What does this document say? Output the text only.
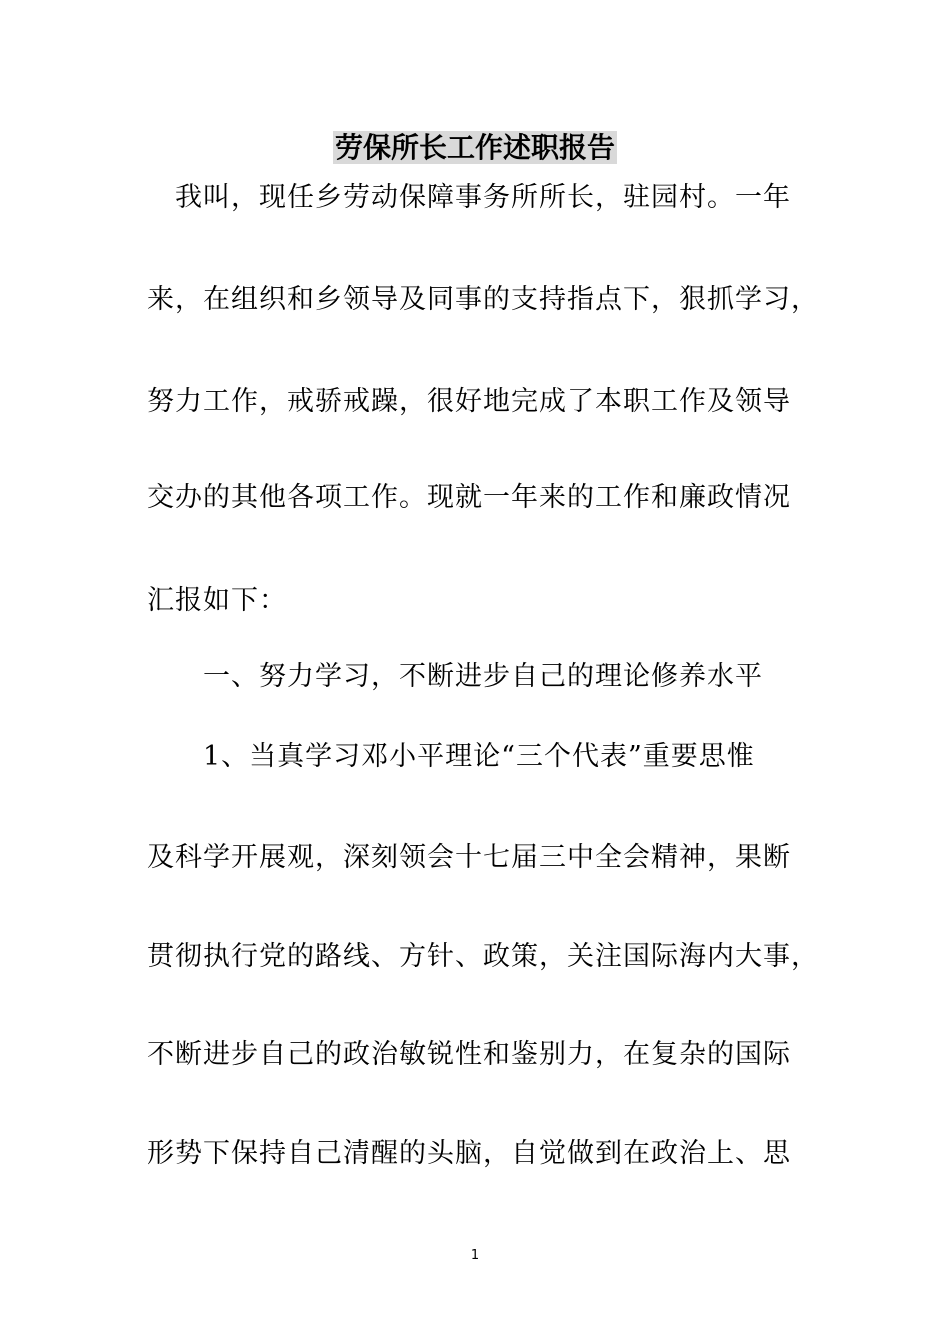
劳保所长工作述职报告
我叫，现任乡劳动保障事务所所长，驻园村。一年
来，在组织和乡领导及同事的支持指点下，狠抓学习，
努力工作，戒骄戒躁，很好地完成了本职工作及领导
交办的其他各项工作。现就一年来的工作和廉政情况
汇报如下：
一、努力学习，不断进步自己的理论修养水平
1、当真学习邓小平理论“三个代表”重要思惟
及科学开展观，深刻领会十七届三中全会精神，果断
贯彻执行党的路线、方针、政策，关注国际海内大事，
不断进步自己的政治敏锐性和鉴别力，在复杂的国际
形势下保持自己清醒的头脑，自觉做到在政治上、思
1
